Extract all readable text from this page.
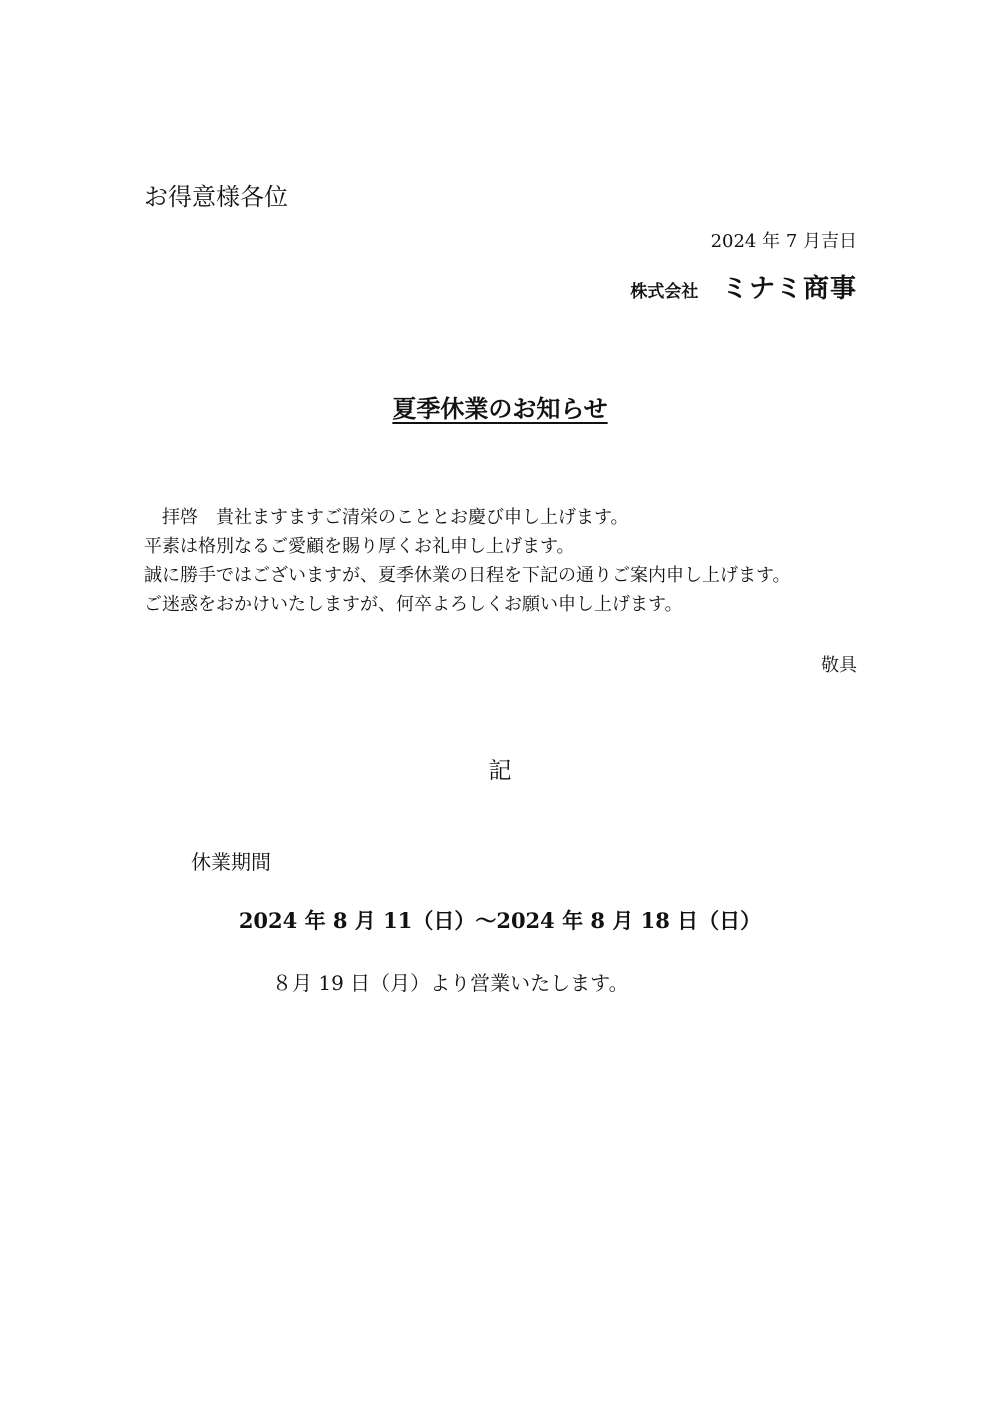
お得意様各位
2024 年 7 月吉日
株式会社 ミナミ商事
夏季休業のお知らせ
拝啓　貴社ますますご清栄のこととお慶び申し上げます。
平素は格別なるご愛顧を賜り厚くお礼申し上げます。
誠に勝手ではございますが、夏季休業の日程を下記の通りご案内申し上げます。
ご迷惑をおかけいたしますが、何卒よろしくお願い申し上げます。
敬具
記
休業期間
2024 年 8 月 11（日）～2024 年 8 月 18 日（日）
８月 19 日（月）より営業いたします。
